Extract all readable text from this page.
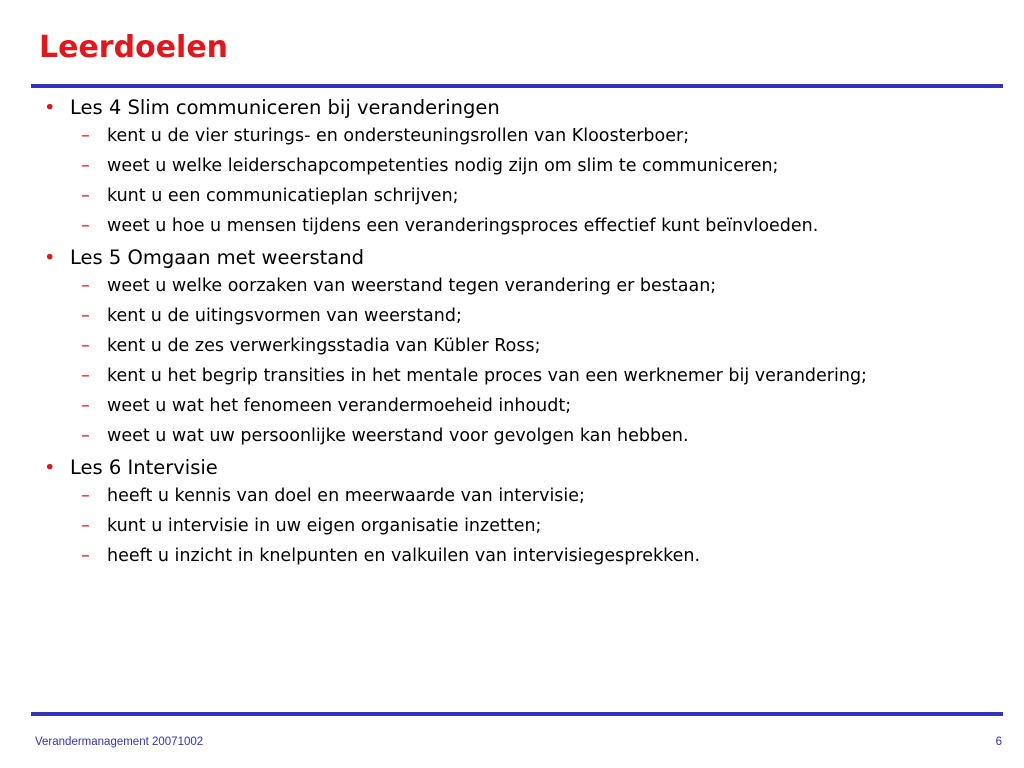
Leerdoelen
• Les 4 Slim communiceren bij veranderingen
– kent u de vier sturings- en ondersteuningsrollen van Kloosterboer;
– weet u welke leiderschapcompetenties nodig zijn om slim te communiceren;
– kunt u een communicatieplan schrijven;
– weet u hoe u mensen tijdens een veranderingsproces effectief kunt beïnvloeden.
• Les 5 Omgaan met weerstand
– weet u welke oorzaken van weerstand tegen verandering er bestaan;
– kent u de uitingsvormen van weerstand;
– kent u de zes verwerkingsstadia van Kübler Ross;
– kent u het begrip transities in het mentale proces van een werknemer bij verandering;
– weet u wat het fenomeen verandermoeheid inhoudt;
– weet u wat uw persoonlijke weerstand voor gevolgen kan hebben.
• Les 6 Intervisie
– heeft u kennis van doel en meerwaarde van intervisie;
– kunt u intervisie in uw eigen organisatie inzetten;
– heeft u inzicht in knelpunten en valkuilen van intervisiegesprekken.
Verandermanagement 20071002	6
